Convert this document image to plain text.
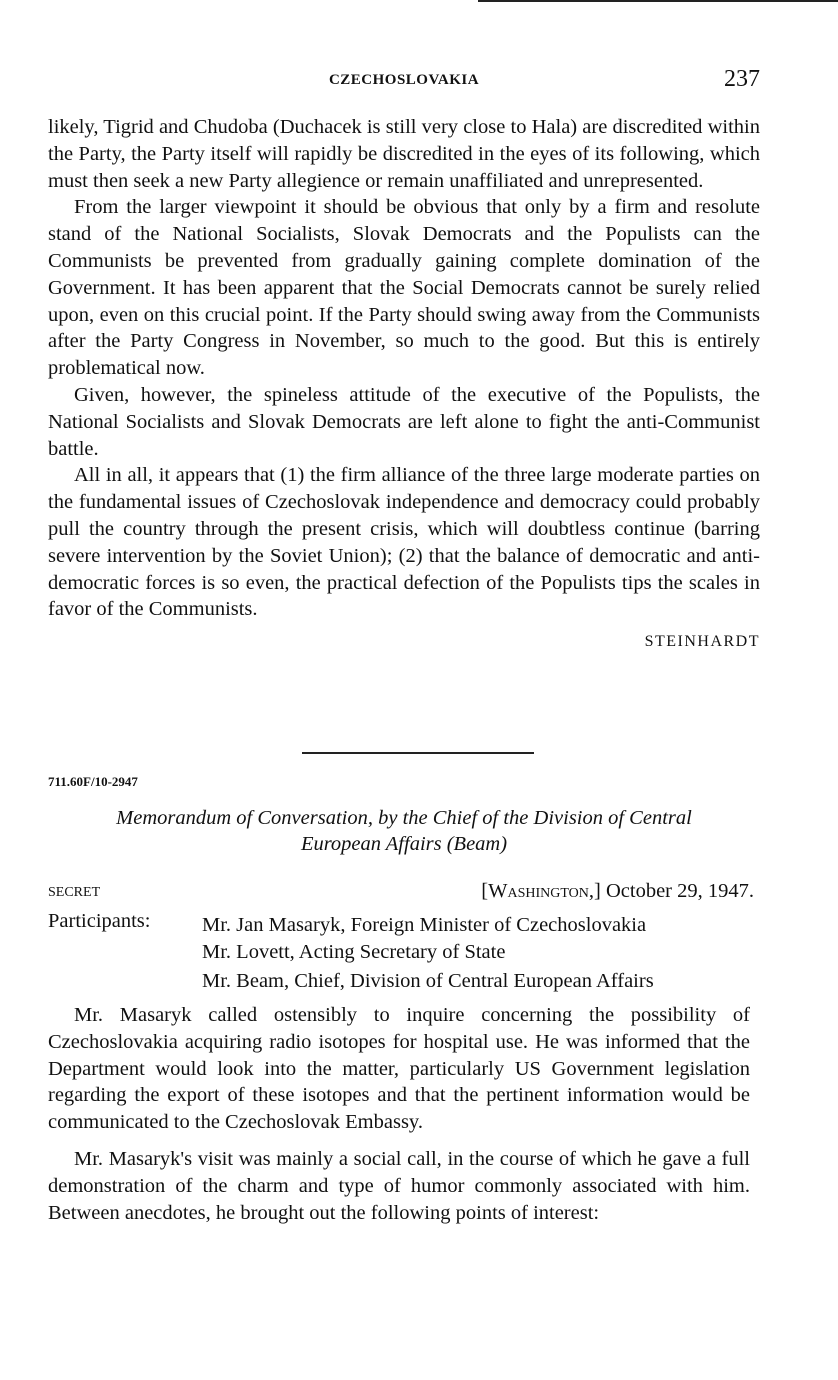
CZECHOSLOVAKIA	237

likely, Tigrid and Chudoba (Duchacek is still very close to Hala) are discredited within the Party, the Party itself will rapidly be discredited in the eyes of its following, which must then seek a new Party allegience or remain unaffiliated and unrepresented.

From the larger viewpoint it should be obvious that only by a firm and resolute stand of the National Socialists, Slovak Democrats and the Populists can the Communists be prevented from gradually gaining complete domination of the Government. It has been apparent that the Social Democrats cannot be surely relied upon, even on this crucial point. If the Party should swing away from the Communists after the Party Congress in November, so much to the good. But this is entirely problematical now.

Given, however, the spineless attitude of the executive of the Populists, the National Socialists and Slovak Democrats are left alone to fight the anti-Communist battle.

All in all, it appears that (1) the firm alliance of the three large moderate parties on the fundamental issues of Czechoslovak independence and democracy could probably pull the country through the present crisis, which will doubtless continue (barring severe intervention by the Soviet Union); (2) that the balance of democratic and anti-democratic forces is so even, the practical defection of the Populists tips the scales in favor of the Communists.

STEINHARDT
711.60F/10-2947
Memorandum of Conversation, by the Chief of the Division of Central
European Affairs (Beam)
SECRET	[Washington,] October 29, 1947.
Participants:	Mr. Jan Masaryk, Foreign Minister of Czechoslovakia
Mr. Lovett, Acting Secretary of State
Mr. Beam, Chief, Division of Central European Affairs

Mr. Masaryk called ostensibly to inquire concerning the possibility of Czechoslovakia acquiring radio isotopes for hospital use. He was informed that the Department would look into the matter, particularly US Government legislation regarding the export of these isotopes and that the pertinent information would be communicated to the Czechoslovak Embassy.

Mr. Masaryk's visit was mainly a social call, in the course of which he gave a full demonstration of the charm and type of humor commonly associated with him. Between anecdotes, he brought out the following points of interest:
